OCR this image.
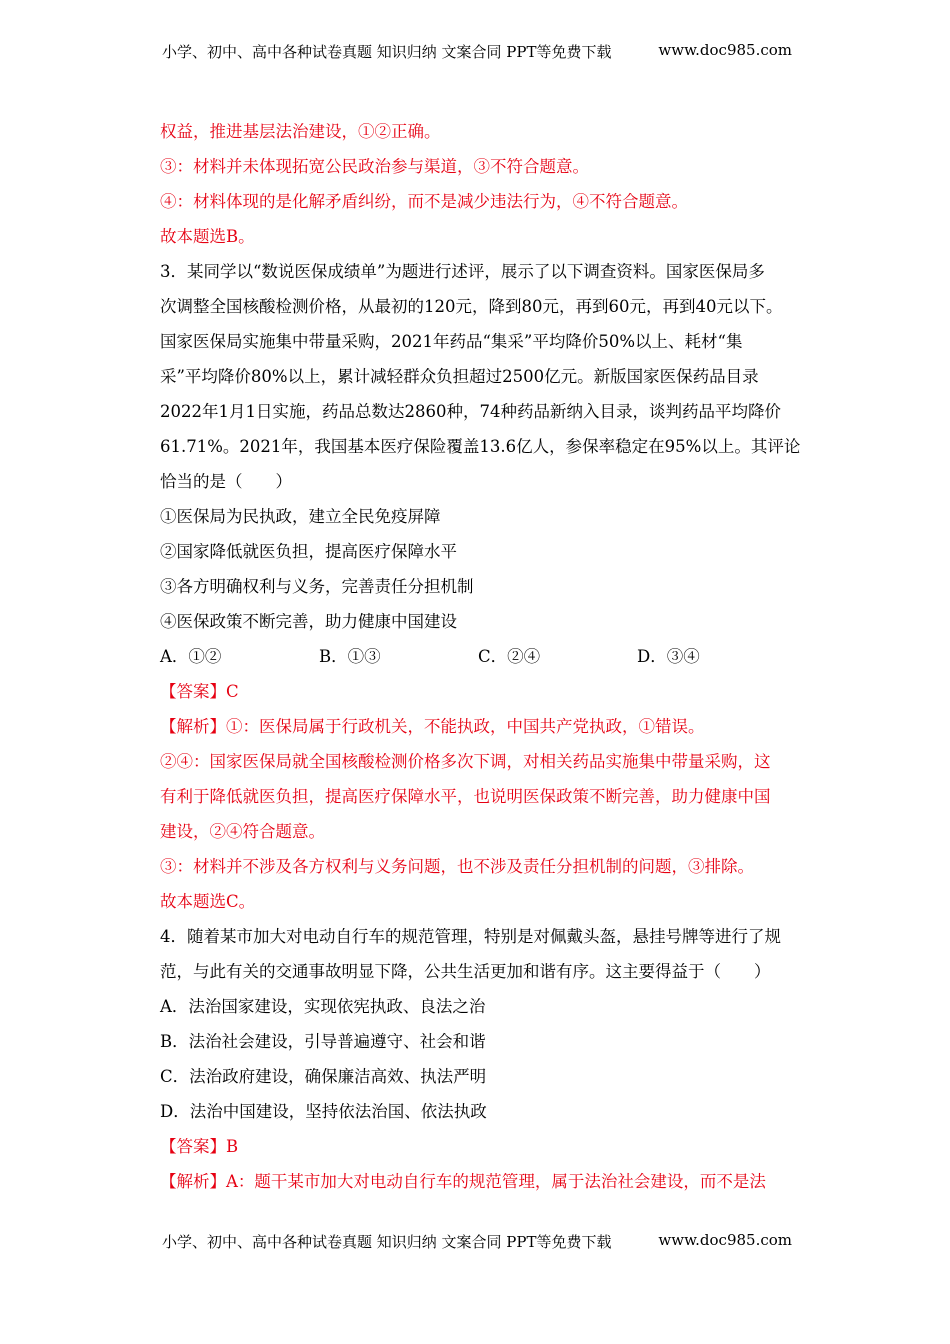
小学、初中、高中各种试卷真题 知识归纳 文案合同 PPT等免费下载	www.doc985.com
权益，推进基层法治建设，①②正确。
③：材料并未体现拓宽公民政治参与渠道，③不符合题意。
④：材料体现的是化解矛盾纠纷，而不是减少违法行为，④不符合题意。
故本题选B。
3．某同学以“数说医保成绩单”为题进行述评，展示了以下调查资料。国家医保局多
次调整全国核酸检测价格，从最初的120元，降到80元，再到60元，再到40元以下。
国家医保局实施集中带量采购，2021年药品“集采”平均降价50%以上、耗材“集
采”平均降价80%以上，累计减轻群众负担超过2500亿元。新版国家医保药品目录
2022年1月1日实施，药品总数达2860种，74种药品新纳入目录，谈判药品平均降价
61.71%。2021年，我国基本医疗保险覆盖13.6亿人，参保率稳定在95%以上。其评论
恰当的是（　　）
①医保局为民执政，建立全民免疫屏障
②国家降低就医负担，提高医疗保障水平
③各方明确权利与义务，完善责任分担机制
④医保政策不断完善，助力健康中国建设
A．①②	B．①③	C．②④	D．③④
【答案】C
【解析】①：医保局属于行政机关，不能执政，中国共产党执政，①错误。
②④：国家医保局就全国核酸检测价格多次下调，对相关药品实施集中带量采购，这
有利于降低就医负担，提高医疗保障水平，也说明医保政策不断完善，助力健康中国
建设，②④符合题意。
③：材料并不涉及各方权利与义务问题，也不涉及责任分担机制的问题，③排除。
故本题选C。
4．随着某市加大对电动自行车的规范管理，特别是对佩戴头盔，悬挂号牌等进行了规
范，与此有关的交通事故明显下降，公共生活更加和谐有序。这主要得益于（　　）
A．法治国家建设，实现依宪执政、良法之治
B．法治社会建设，引导普遍遵守、社会和谐
C．法治政府建设，确保廉洁高效、执法严明
D．法治中国建设，坚持依法治国、依法执政
【答案】B
【解析】A：题干某市加大对电动自行车的规范管理，属于法治社会建设，而不是法
小学、初中、高中各种试卷真题 知识归纳 文案合同 PPT等免费下载	www.doc985.com
